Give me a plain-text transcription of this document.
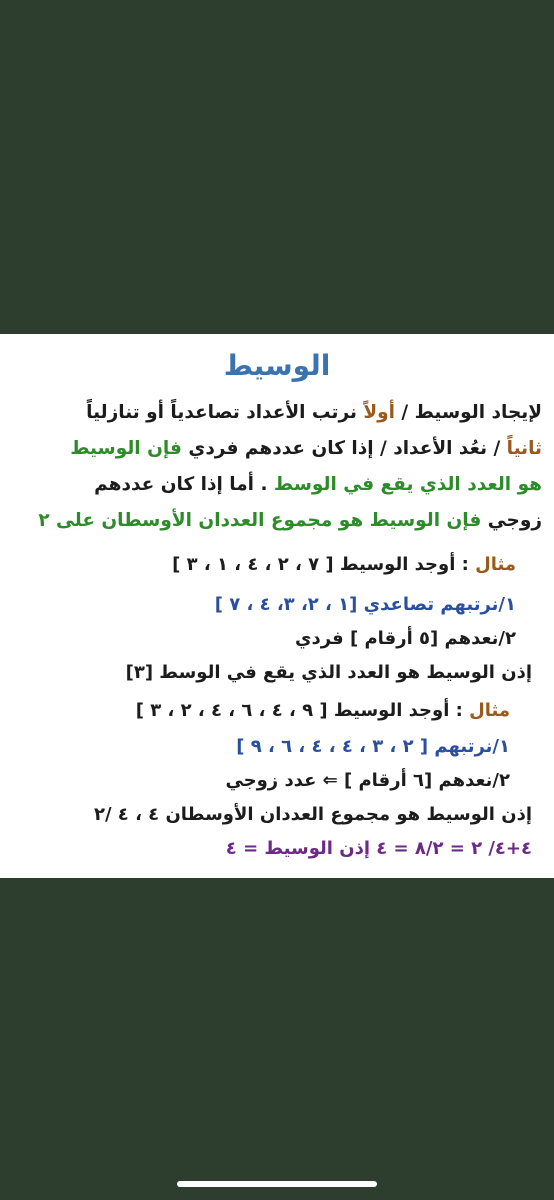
الوسيط
لإيجاد الوسيط / أولاً نرتب الأعداد تصاعدياً أو تنازلياً
ثانياً / نعُد الأعداد / إذا كان عددهم فردي فإن الوسيط
هو العدد الذي يقع في الوسط . أما إذا كان عددهم
زوجي فإن الوسيط هو مجموع العددان الأوسطان على ٢
مثال : أوجد الوسيط [ ٧ ، ٢ ، ٤ ، ١ ، ٣ ]
١/نرتبهم تصاعدي [١ ، ٢، ٣، ٤ ، ٧ ]
٢/نعدهم [٥ أرقام ] فردي
إذن الوسيط هو العدد الذي يقع في الوسط [٣]
مثال : أوجد الوسيط [ ٩ ، ٤ ، ٦ ، ٤ ، ٢ ، ٣ ]
١/نرتبهم [ ٢ ، ٣ ، ٤ ، ٤ ، ٦ ، ٩ ]
٢/نعدهم [٦ أرقام ] ⇐ عدد زوجي
إذن الوسيط هو مجموع العددان الأوسطان ٤ ، ٤ /٢
٤+٤/ ٢ = ٨/٢ = ٤ إذن الوسيط = ٤
